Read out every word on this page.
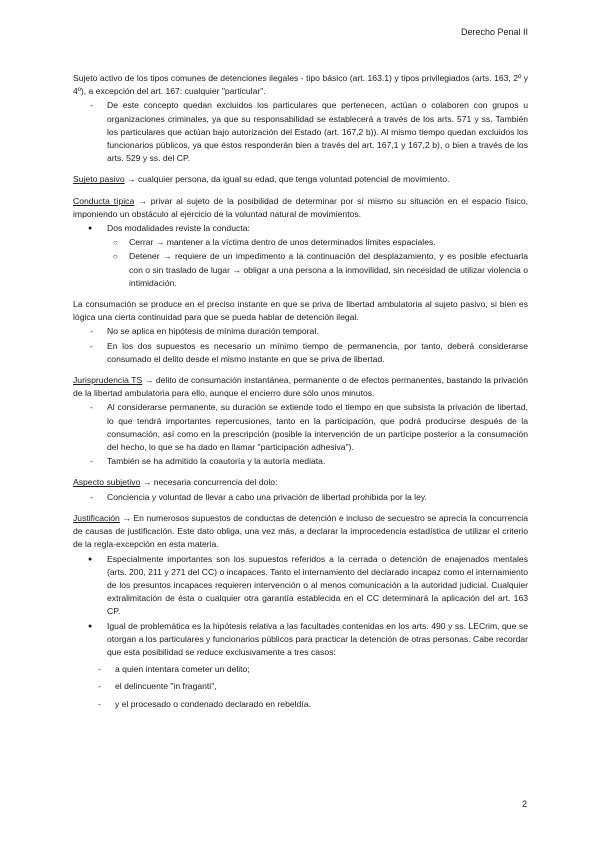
Derecho Penal II

Sujeto activo de los tipos comunes de detenciones ilegales - tipo básico (art. 163.1) y tipos privilegiados (arts. 163, 2º y 4º), a excepción del art. 167: cualquier "particular".

- De este concepto quedan excluidos los particulares que pertenecen, actúan o colaboren con grupos u organizaciones criminales, ya que su responsabilidad se establecerá a través de los arts. 571 y ss. También los particulares que actúan bajo autorización del Estado (art. 167,2 b)). Al mismo tiempo quedan excluidos los funcionarios públicos, ya que éstos responderán bien a través del art. 167,1 y 167,2 b), o bien a través de los arts. 529 y ss. del CP.

Sujeto pasivo → cualquier persona, da igual su edad, que tenga voluntad potencial de movimiento.

Conducta típica → privar al sujeto de la posibilidad de determinar por sí mismo su situación en el espacio físico, imponiendo un obstáculo al ejercicio de la voluntad natural de movimientos.

● Dos modalidades reviste la conducta:
○ Cerrar → mantener a la víctima dentro de unos determinados límites espaciales.
○ Detener → requiere de un impedimento a la continuación del desplazamiento, y es posible efectuarla con o sin traslado de lugar → obligar a una persona a la inmovilidad, sin necesidad de utilizar violencia o intimidación.

La consumación se produce en el preciso instante en que se priva de libertad ambulatoria al sujeto pasivo, si bien es lógica una cierta continuidad para que se pueda hablar de detención ilegal.

- No se aplica en hipótesis de mínima duración temporal.
- En los dos supuestos es necesario un mínimo tiempo de permanencia, por tanto, deberá considerarse consumado el delito desde el mismo instante en que se priva de libertad.

Jurisprudencia TS → delito de consumación instantánea, permanente o de efectos permanentes, bastando la privación de la libertad ambulatoria para ello, aunque el encierro dure sólo unos minutos.

- Al considerarse permanente, su duración se extiende todo el tiempo en que subsista la privación de libertad, lo que tendrá importantes repercusiones, tanto en la participación, que podrá producirse después de la consumación, así como en la prescripción (posible la intervención de un partícipe posterior a la consumación del hecho, lo que se ha dado en llamar "participación adhesiva").
- También se ha admitido la coautoría y la autoría mediata.

Aspecto subjetivo → necesaria concurrencia del dolo:

- Conciencia y voluntad de llevar a cabo una privación de libertad prohibida por la ley.

Justificación → En numerosos supuestos de conductas de detención e incluso de secuestro se aprecia la concurrencia de causas de justificación. Este dato obliga, una vez más, a declarar la improcedencia estadística de utilizar el criterio de la regla-excepción en esta materia.

● Especialmente importantes son los supuestos referidos a la cerrada o detención de enajenados mentales (arts. 200, 211 y 271 del CC) o incapaces. Tanto el internamiento del declarado incapaz como el internamiento de los presuntos incapaces requieren intervención o al menos comunicación a la autoridad judicial. Cualquier extralimitación de ésta o cualquier otra garantía establecida en el CC determinará la aplicación del art. 163 CP.
● Igual de problemática es la hipótesis relativa a las facultades contenidas en los arts. 490 y ss. LECrim, que se otorgan a los particulares y funcionarios públicos para practicar la detención de otras personas. Cabe recordar que esta posibilidad se reduce exclusivamente a tres casos:
- a quien intentara cometer un delito;
- el delincuente "in fraganti",
- y el procesado o condenado declarado en rebeldía.
2
